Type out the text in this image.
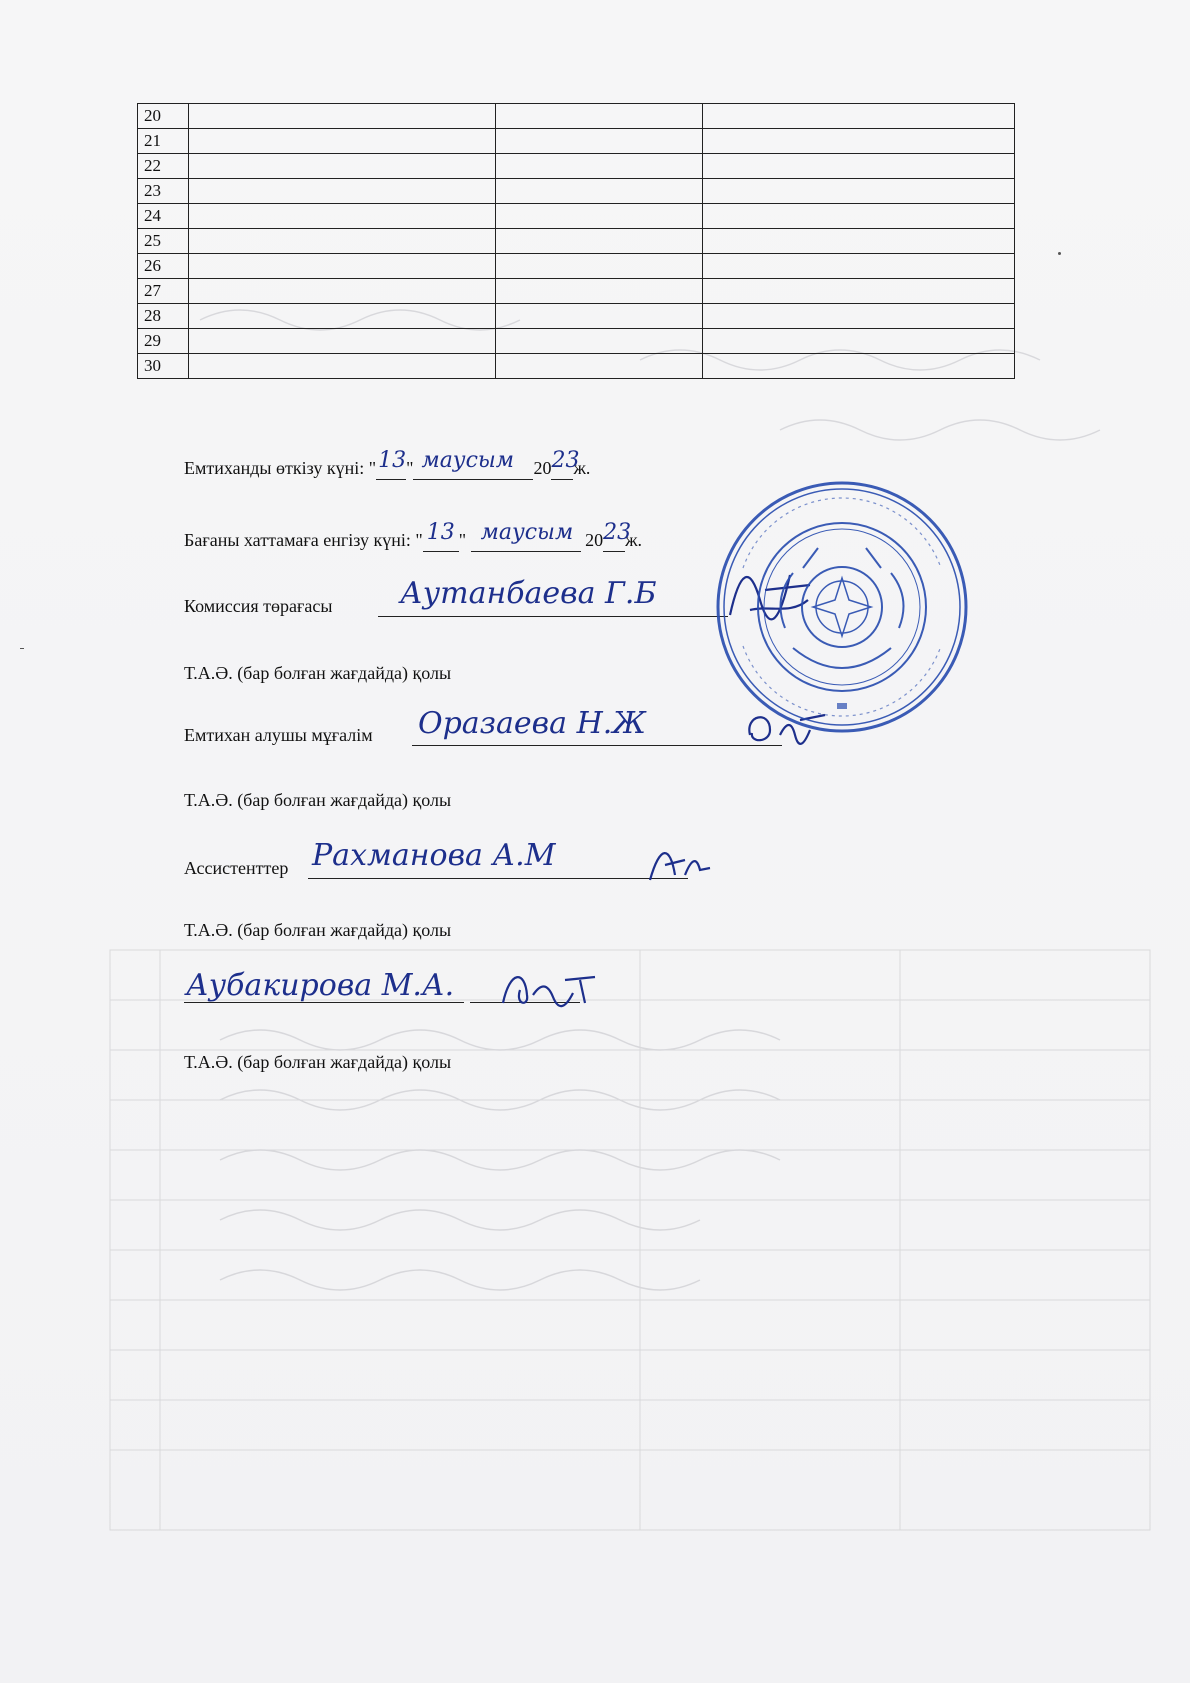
20			
21			
22			
23			
24			
25			
26			
27			
28			
29			
30			
Емтиханды өткізу күні: " 13 " маусым 20 23
ж.
Бағаны хаттамаға енгізу күні: " 13 " маусым 20 23
ж.
Комиссия төрағасы Аутанбаева Г.Б
Т.А.Ә. (бар болған жағдайда) қолы
Емтихан алушы мұғалім Оразаева Н.Ж
Т.А.Ә. (бар болған жағдайда) қолы
Ассистенттер Рахманова А.М
Т.А.Ә. (бар болған жағдайда) қолы
Аубакирова М.А.
Т.А.Ә. (бар болған жағдайда) қолы
